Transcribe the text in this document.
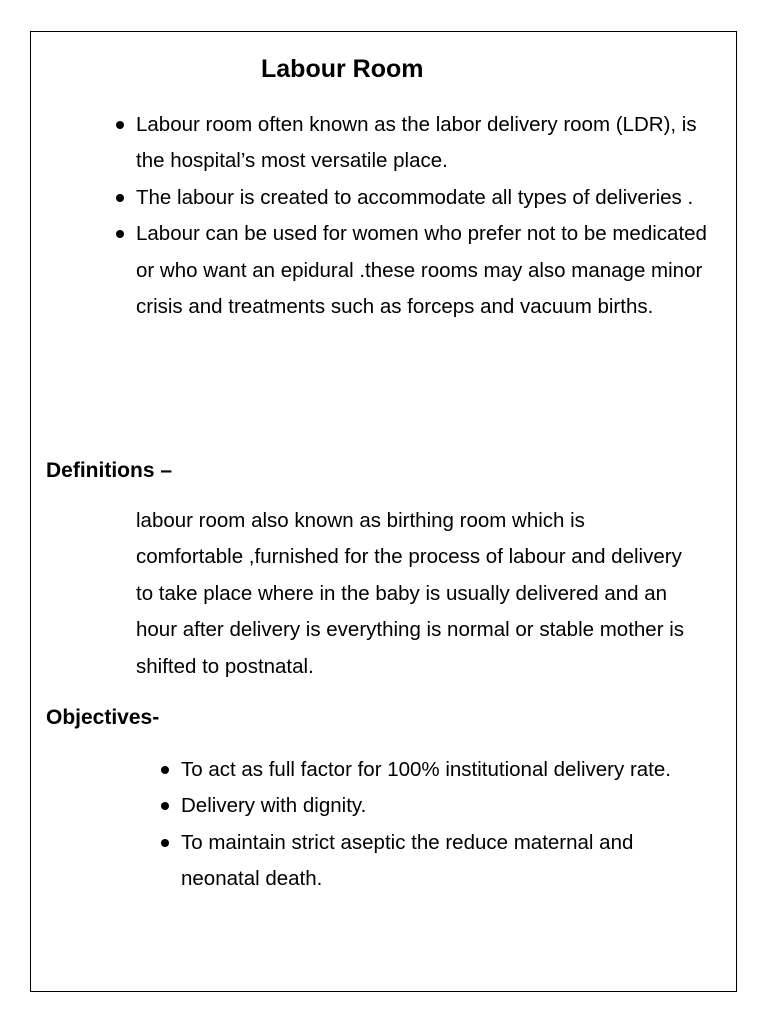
Labour Room
Labour room often known as the labor delivery room (LDR), is the hospital’s most versatile place.
The labour is created to accommodate all types of deliveries .
Labour can be used for women who prefer not to be medicated or who want an epidural .these rooms may also manage minor crisis and treatments such as forceps and vacuum births.
Definitions –

labour room also known as birthing room which is comfortable ,furnished for the process of labour and delivery to take place where in the baby is usually delivered and an hour after delivery is everything is normal or stable mother is shifted to postnatal.

Objectives-
To act as full factor for 100% institutional delivery rate.
Delivery with dignity.
To maintain strict aseptic the reduce maternal and neonatal death.
